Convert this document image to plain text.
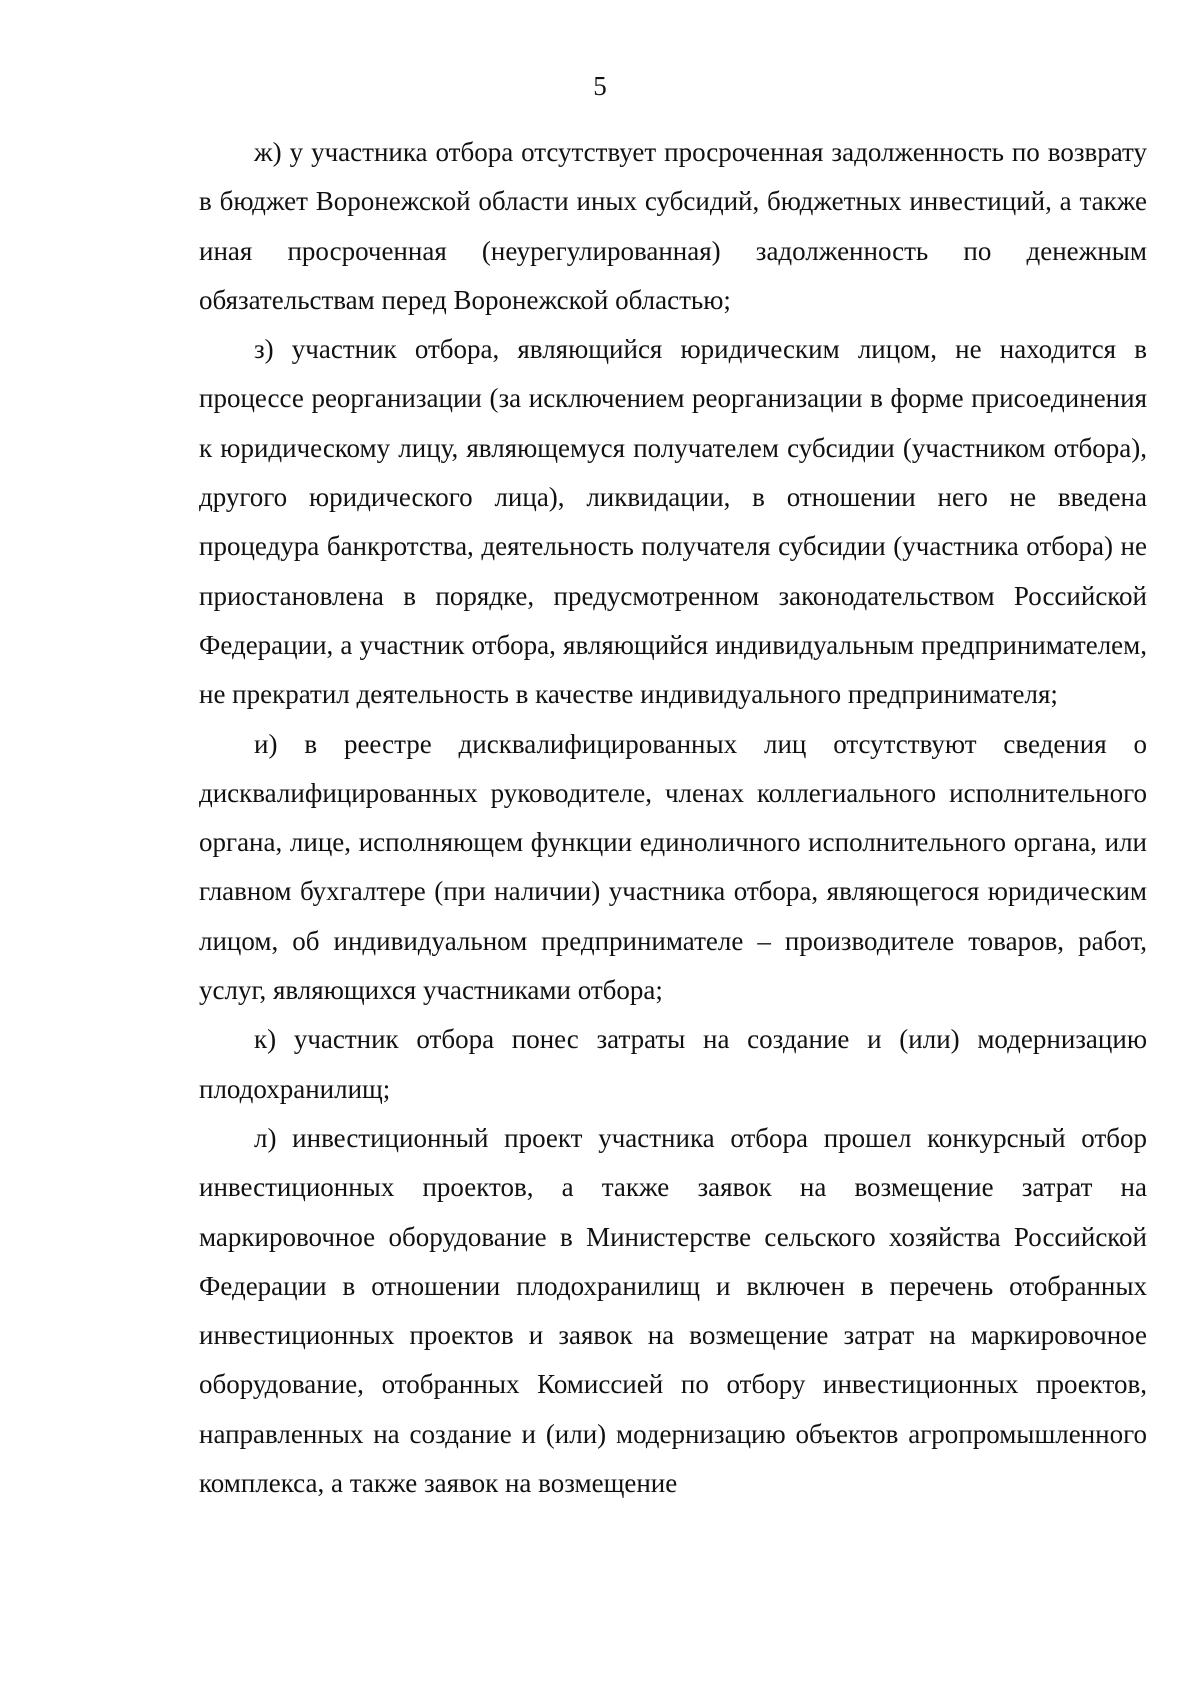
5

ж) у участника отбора отсутствует просроченная задолженность по возврату в бюджет Воронежской области иных субсидий, бюджетных инвестиций, а также иная просроченная (неурегулированная) задолженность по денежным обязательствам перед Воронежской областью;

з) участник отбора, являющийся юридическим лицом, не находится в процессе реорганизации (за исключением реорганизации в форме присоединения к юридическому лицу, являющемуся получателем субсидии (участником отбора), другого юридического лица), ликвидации, в отношении него не введена процедура банкротства, деятельность получателя субсидии (участника отбора) не приостановлена в порядке, предусмотренном законодательством Российской Федерации, а участник отбора, являющийся индивидуальным предпринимателем, не прекратил деятельность в качестве индивидуального предпринимателя;

и) в реестре дисквалифицированных лиц отсутствуют сведения о дисквалифицированных руководителе, членах коллегиального исполнительного органа, лице, исполняющем функции единоличного исполнительного органа, или главном бухгалтере (при наличии) участника отбора, являющегося юридическим лицом, об индивидуальном предпринимателе – производителе товаров, работ, услуг, являющихся участниками отбора;

к) участник отбора понес затраты на создание и (или) модернизацию плодохранилищ;

л) инвестиционный проект участника отбора прошел конкурсный отбор инвестиционных проектов, а также заявок на возмещение затрат на маркировочное оборудование в Министерстве сельского хозяйства Российской Федерации в отношении плодохранилищ и включен в перечень отобранных инвестиционных проектов и заявок на возмещение затрат на маркировочное оборудование, отобранных Комиссией по отбору инвестиционных проектов, направленных на создание и (или) модернизацию объектов агропромышленного комплекса, а также заявок на возмещение
